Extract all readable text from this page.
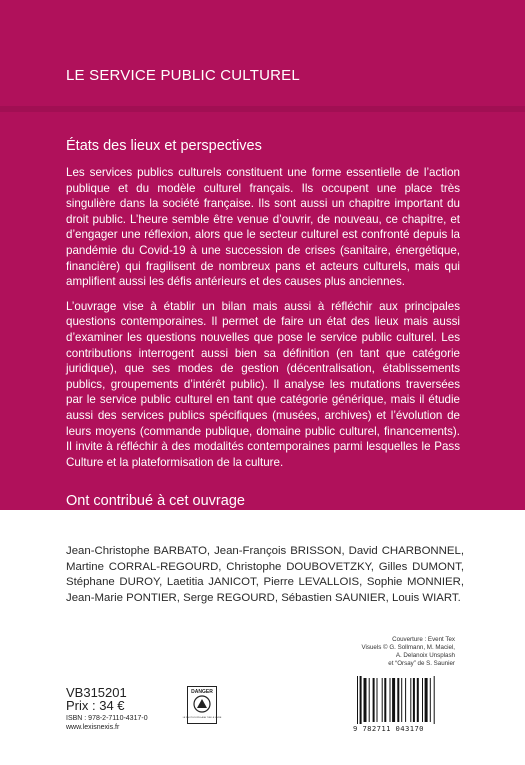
LE SERVICE PUBLIC CULTUREL
États des lieux et perspectives

Les services publics culturels constituent une forme essentielle de l’action publique et du modèle culturel français. Ils occupent une place très singulière dans la société française. Ils sont aussi un chapitre important du droit public. L’heure semble être venue d’ouvrir, de nouveau, ce chapitre, et d’engager une réflexion, alors que le secteur culturel est confronté depuis la pandémie du Covid-19 à une succession de crises (sanitaire, énergétique, financière) qui fragilisent de nombreux pans et acteurs culturels, mais qui amplifient aussi les défis antérieurs et des causes plus anciennes.

L’ouvrage vise à établir un bilan mais aussi à réfléchir aux principales questions contemporaines. Il permet de faire un état des lieux mais aussi d’examiner les questions nouvelles que pose le service public culturel. Les contributions interrogent aussi bien sa définition (en tant que catégorie juridique), que ses modes de gestion (décentralisation, établissements publics, groupements d’intérêt public). Il analyse les mutations traversées par le service public culturel en tant que catégorie générique, mais il étudie aussi des services publics spécifiques (musées, archives) et l’évolution de leurs moyens (commande publique, domaine public culturel, financements). Il invite à réfléchir à des modalités contemporaines parmi lesquelles le Pass Culture et la plateformisation de la culture.

Ont contribué à cet ouvrage
Jean-Christophe BARBATO, Jean-François BRISSON, David CHARBONNEL, Martine CORRAL-REGOURD, Christophe DOUBOVETZKY, Gilles DUMONT, Stéphane DUROY, Laetitia JANICOT, Pierre LEVALLOIS, Sophie MONNIER, Jean-Marie PONTIER, Serge REGOURD, Sébastien SAUNIER, Louis WIART.
Couverture : Event Tex
Visuels © G. Sollmann, M. Maciel,
A. Delanoix Unsplash
et “Orsay” de S. Saunier
9 782711 043170
VB315201
Prix : 34 €
ISBN : 978-2-7110-4317-0
www.lexisnexis.fr
DANGER
LE PHOTOCOPILLAGE TUE LE LIVRE
